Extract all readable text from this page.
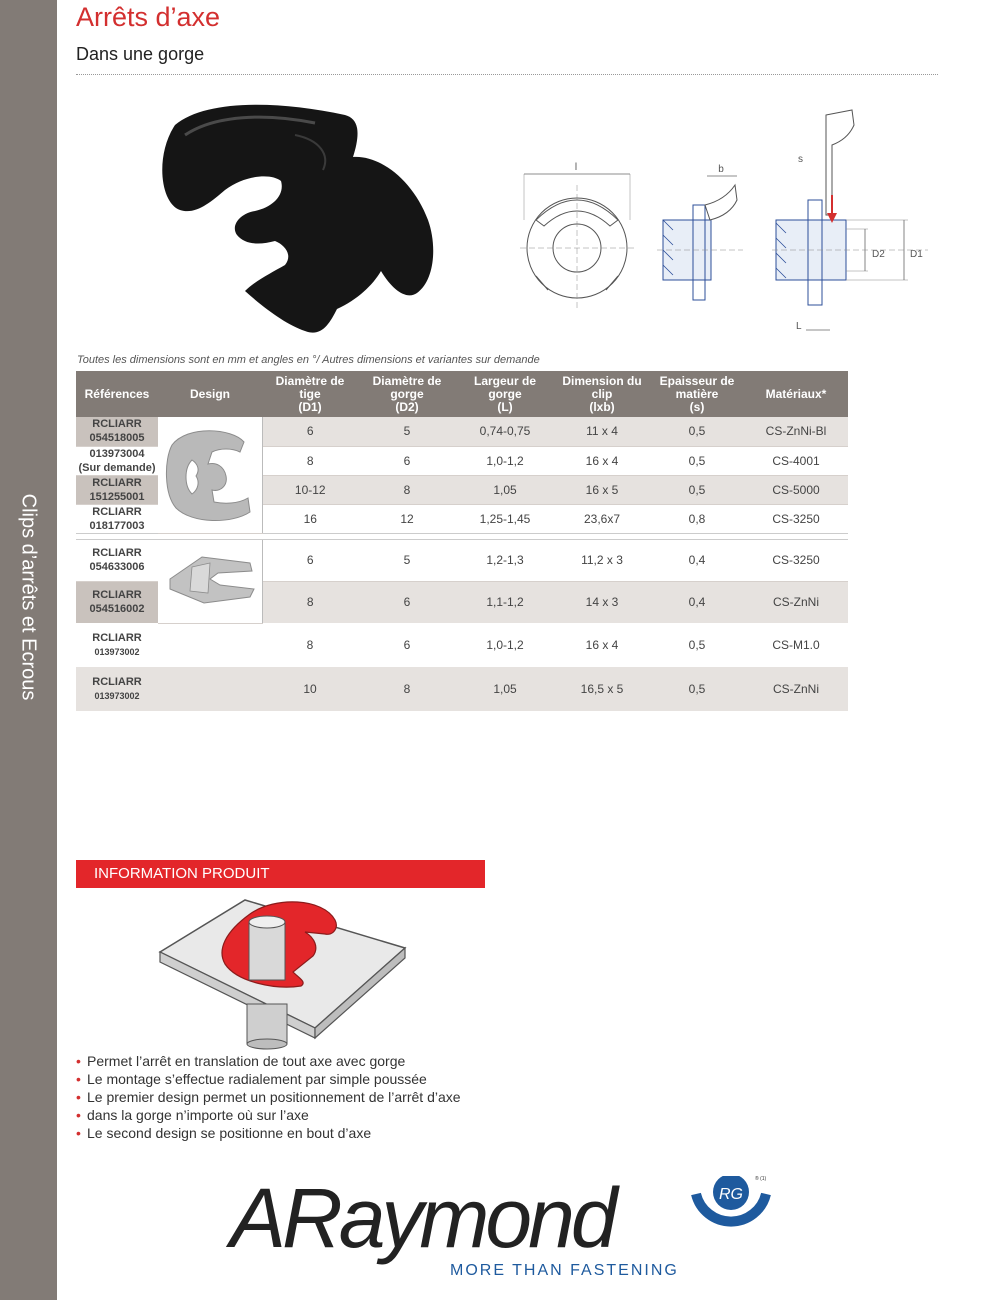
Clips d’arrêts et Ecrous
Arrêts d’axe
Dans une gorge
l	b
s
D2	D1
L
Toutes les dimensions sont en mm et angles en °/ Autres dimensions et variantes sur demande
Références	Design	Diamètre de
tige
(D1)	Diamètre de
gorge
(D2)	Largeur de
gorge
(L)	Dimension du
clip
(lxb)	Epaisseur de
matière
(s)	Matériaux*
RCLIARR
054518005		6	5	0,74-0,75	11 x 4	0,5	CS-ZnNi-Bl
013973004
(Sur demande)		8	6	1,0-1,2	16 x 4	0,5	CS-4001
RCLIARR
151255001		10-12	8	1,05	16 x 5	0,5	CS-5000
RCLIARR
018177003		16	12	1,25-1,45	23,6x7	0,8	CS-3250

RCLIARR
054633006		6	5	1,2-1,3	11,2 x 3	0,4	CS-3250
RCLIARR
054516002		8	6	1,1-1,2	14 x 3	0,4	CS-ZnNi
RCLIARR
013973002		8	6	1,0-1,2	16 x 4	0,5	CS-M1.0
RCLIARR
013973002		10	8	1,05	16,5 x 5	0,5	CS-ZnNi
INFORMATION PRODUIT
• Permet l’arrêt en translation de tout axe avec gorge
• Le montage s’effectue radialement par simple poussée
• Le premier design permet un positionnement de l’arrêt d’axe
• dans la gorge n’importe où sur l’axe
• Le second design se positionne en bout d’axe
ARaymond	RG
® (1)
MORE THAN FASTENING
